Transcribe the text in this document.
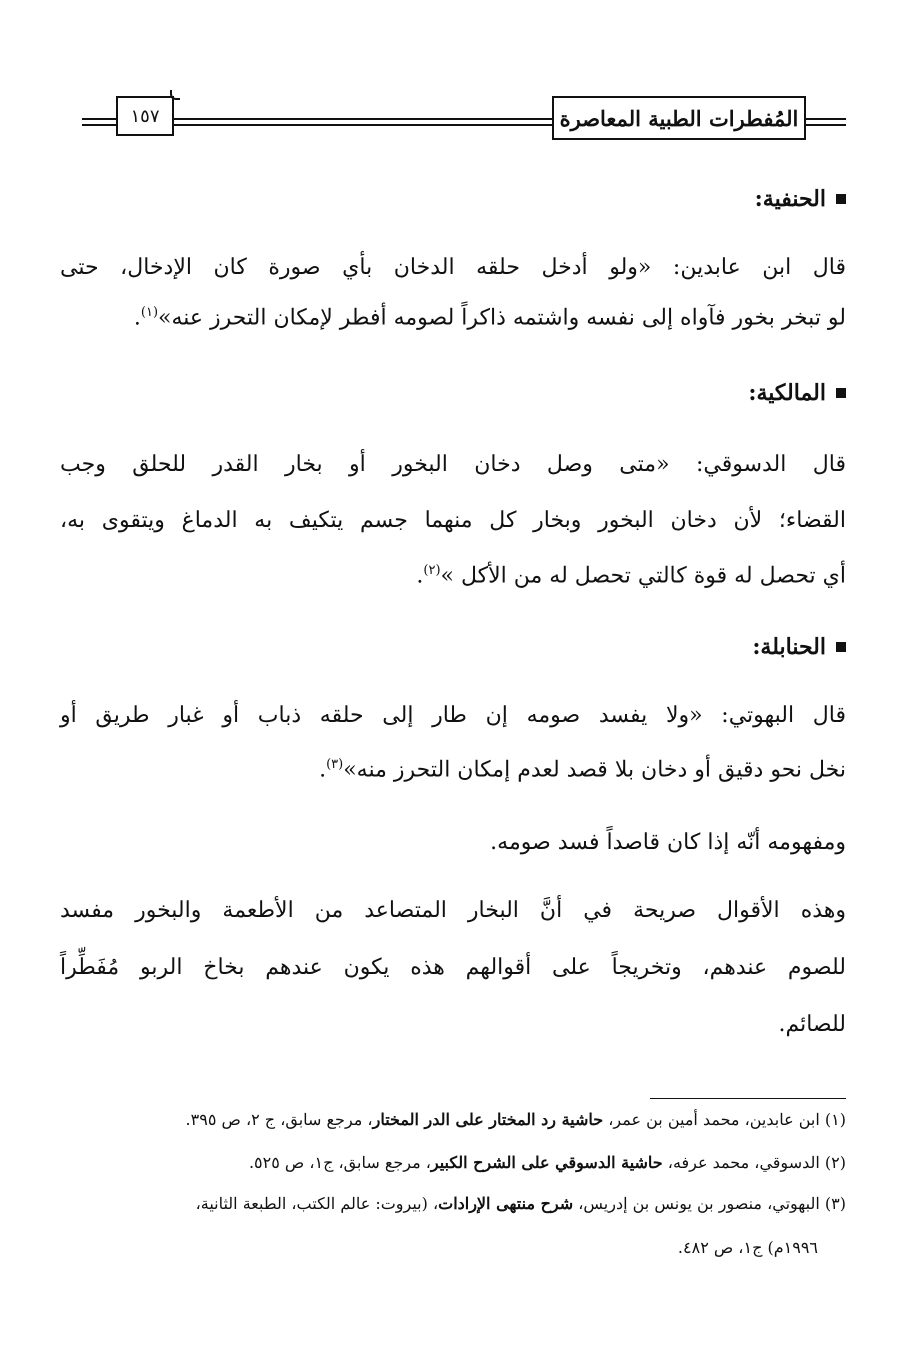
المُفطرات الطبية المعاصرة
١٥٧
الحنفية:
قال ابن عابدين: «ولو أدخل حلقه الدخان بأي صورة كان الإدخال، حتى
لو تبخر بخور فآواه إلى نفسه واشتمه ذاكراً لصومه أفطر لإمكان التحرز عنه»$^{(١)}$.
المالكية:
قال الدسوقي: «متى وصل دخان البخور أو بخار القدر للحلق وجب
القضاء؛ لأن دخان البخور وبخار كل منهما جسم يتكيف به الدماغ ويتقوى به،
أي تحصل له قوة كالتي تحصل له من الأكل »$^{(٢)}$.
الحنابلة:
قال البهوتي: «ولا يفسد صومه إن طار إلى حلقه ذباب أو غبار طريق أو
نخل نحو دقيق أو دخان بلا قصد لعدم إمكان التحرز منه»$^{(٣)}$.
ومفهومه أنّه إذا كان قاصداً فسد صومه.
وهذه الأقوال صريحة في أنَّ البخار المتصاعد من الأطعمة والبخور مفسد
للصوم عندهم، وتخريجاً على أقوالهم هذه يكون عندهم بخاخ الربو مُفَطِّراً
للصائم.
(١) ابن عابدين، محمد أمين بن عمر، حاشية رد المختار على الدر المختار، مرجع سابق، ج ٢، ص ٣٩٥.
(٢) الدسوقي، محمد عرفه، حاشية الدسوقي على الشرح الكبير، مرجع سابق، ج١، ص ٥٢٥.
(٣) البهوتي، منصور بن يونس بن إدريس، شرح منتهى الإرادات، (بيروت: عالم الكتب، الطبعة الثانية،
١٩٩٦م) ج١، ص ٤٨٢.
